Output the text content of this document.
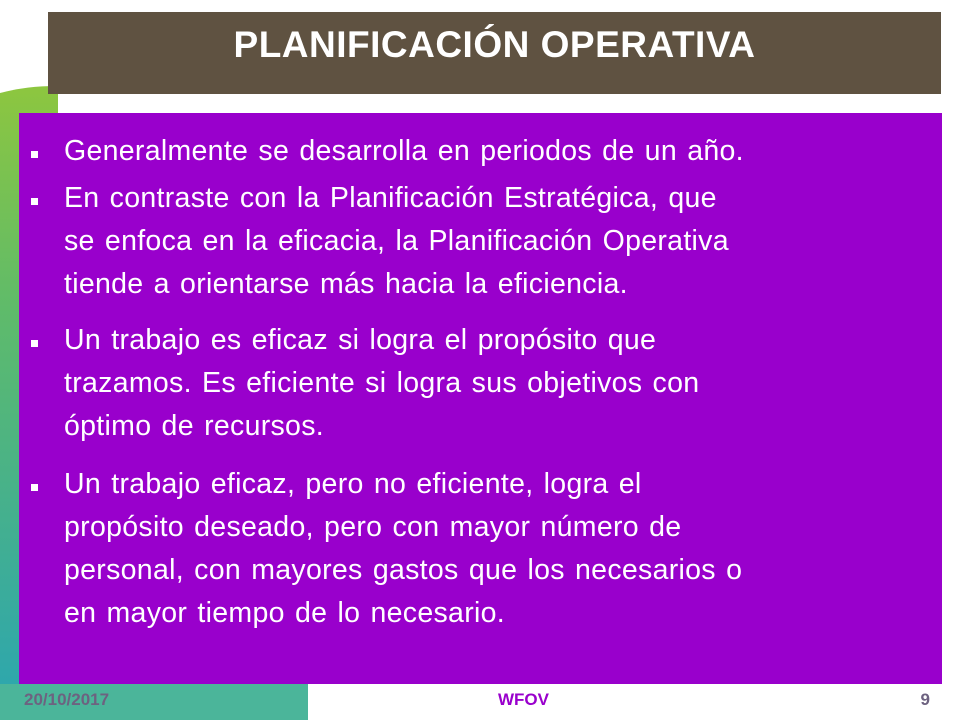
PLANIFICACIÓN OPERATIVA
Generalmente se desarrolla en periodos de un año.
En contraste con la Planificación Estratégica, que
se enfoca en la eficacia, la Planificación Operativa
tiende a orientarse más hacia la eficiencia.
Un trabajo es eficaz si logra el propósito que
trazamos. Es eficiente si logra sus objetivos con
óptimo de recursos.
Un trabajo eficaz, pero no eficiente, logra el
propósito deseado, pero con mayor número de
personal, con mayores gastos que los necesarios o
en mayor tiempo de lo necesario.
20/10/2017	WFOV	9
